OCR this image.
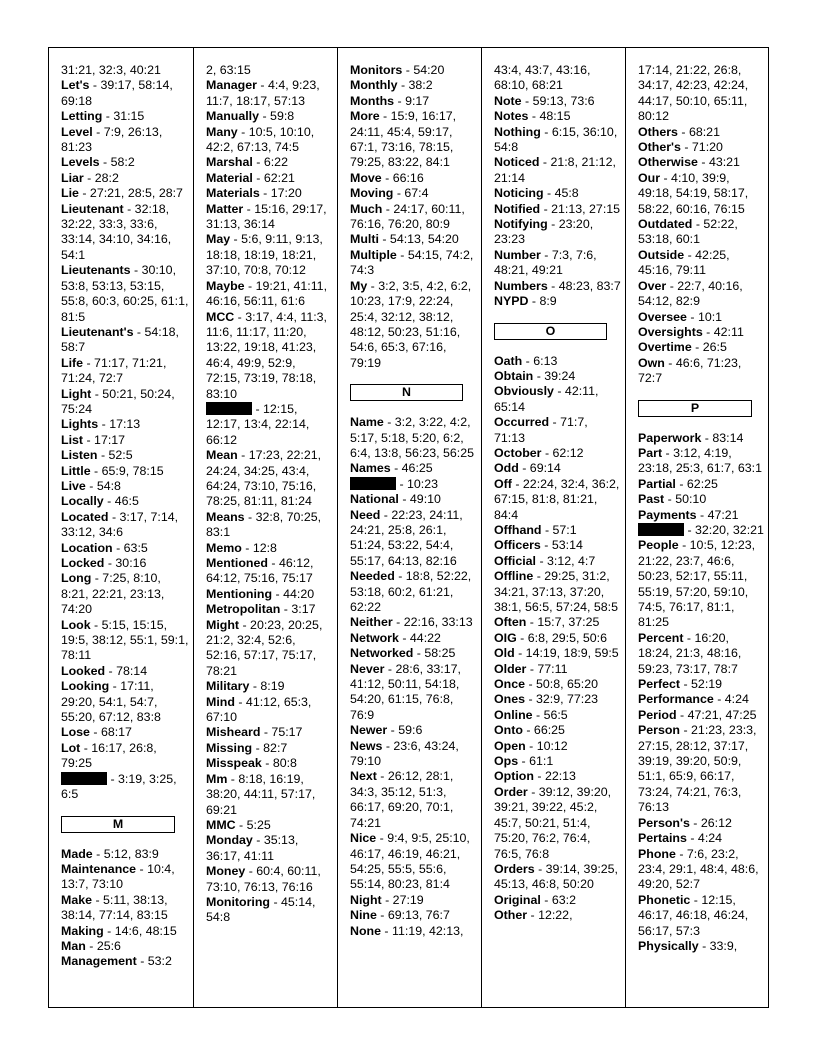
31:21, 32:3, 40:21
Let's - 39:17, 58:14, 69:18
Letting - 31:15
Level - 7:9, 26:13, 81:23
Levels - 58:2
Liar - 28:2
Lie - 27:21, 28:5, 28:7
Lieutenant - 32:18, 32:22, 33:3, 33:6, 33:14, 34:10, 34:16, 54:1
Lieutenants - 30:10, 53:8, 53:13, 53:15, 55:8, 60:3, 60:25, 61:1, 81:5
Lieutenant's - 54:18, 58:7
Life - 71:17, 71:21, 71:24, 72:7
Light - 50:21, 50:24, 75:24
Lights - 17:13
List - 17:17
Listen - 52:5
Little - 65:9, 78:15
Live - 54:8
Locally - 46:5
Located - 3:17, 7:14, 33:12, 34:6
Location - 63:5
Locked - 30:16
Long - 7:25, 8:10, 8:21, 22:21, 23:13, 74:20
Look - 5:15, 15:15, 19:5, 38:12, 55:1, 59:1, 78:11
Looked - 78:14
Looking - 17:11, 29:20, 54:1, 54:7, 55:20, 67:12, 83:8
Lose - 68:17
Lot - 16:17, 26:8, 79:25
- 3:19, 3:25, 6:5
M
Made - 5:12, 83:9
Maintenance - 10:4, 13:7, 73:10
Make - 5:11, 38:13, 38:14, 77:14, 83:15
Making - 14:6, 48:15
Man - 25:6
Management - 53:2
2, 63:15
Manager - 4:4, 9:23, 11:7, 18:17, 57:13
Manually - 59:8
Many - 10:5, 10:10, 42:2, 67:13, 74:5
Marshal - 6:22
Material - 62:21
Materials - 17:20
Matter - 15:16, 29:17, 31:13, 36:14
May - 5:6, 9:11, 9:13, 18:18, 18:19, 18:21, 37:10, 70:8, 70:12
Maybe - 19:21, 41:11, 46:16, 56:11, 61:6
MCC - 3:17, 4:4, 11:3, 11:6, 11:17, 11:20, 13:22, 19:18, 41:23, 46:4, 49:9, 52:9, 72:15, 73:19, 78:18, 83:10
- 12:15, 12:17, 13:4, 22:14, 66:12
Mean - 17:23, 22:21, 24:24, 34:25, 43:4, 64:24, 73:10, 75:16, 78:25, 81:11, 81:24
Means - 32:8, 70:25, 83:1
Memo - 12:8
Mentioned - 46:12, 64:12, 75:16, 75:17
Mentioning - 44:20
Metropolitan - 3:17
Might - 20:23, 20:25, 21:2, 32:4, 52:6, 52:16, 57:17, 75:17, 78:21
Military - 8:19
Mind - 41:12, 65:3, 67:10
Misheard - 75:17
Missing - 82:7
Misspeak - 80:8
Mm - 8:18, 16:19, 38:20, 44:11, 57:17, 69:21
MMC - 5:25
Monday - 35:13, 36:17, 41:11
Money - 60:4, 60:11, 73:10, 76:13, 76:16
Monitoring - 45:14, 54:8
Monitors - 54:20
Monthly - 38:2
Months - 9:17
More - 15:9, 16:17, 24:11, 45:4, 59:17, 67:1, 73:16, 78:15, 79:25, 83:22, 84:1
Move - 66:16
Moving - 67:4
Much - 24:17, 60:11, 76:16, 76:20, 80:9
Multi - 54:13, 54:20
Multiple - 54:15, 74:2, 74:3
My - 3:2, 3:5, 4:2, 6:2, 10:23, 17:9, 22:24, 25:4, 32:12, 38:12, 48:12, 50:23, 51:16, 54:6, 65:3, 67:16, 79:19
N
Name - 3:2, 3:22, 4:2, 5:17, 5:18, 5:20, 6:2, 6:4, 13:8, 56:23, 56:25
Names - 46:25
- 10:23
National - 49:10
Need - 22:23, 24:11, 24:21, 25:8, 26:1, 51:24, 53:22, 54:4, 55:17, 64:13, 82:16
Needed - 18:8, 52:22, 53:18, 60:2, 61:21, 62:22
Neither - 22:16, 33:13
Network - 44:22
Networked - 58:25
Never - 28:6, 33:17, 41:12, 50:11, 54:18, 54:20, 61:15, 76:8, 76:9
Newer - 59:6
News - 23:6, 43:24, 79:10
Next - 26:12, 28:1, 34:3, 35:12, 51:3, 66:17, 69:20, 70:1, 74:21
Nice - 9:4, 9:5, 25:10, 46:17, 46:19, 46:21, 54:25, 55:5, 55:6, 55:14, 80:23, 81:4
Night - 27:19
Nine - 69:13, 76:7
None - 11:19, 42:13,
43:4, 43:7, 43:16, 68:10, 68:21
Note - 59:13, 73:6
Notes - 48:15
Nothing - 6:15, 36:10, 54:8
Noticed - 21:8, 21:12, 21:14
Noticing - 45:8
Notified - 21:13, 27:15
Notifying - 23:20, 23:23
Number - 7:3, 7:6, 48:21, 49:21
Numbers - 48:23, 83:7
NYPD - 8:9
O
Oath - 6:13
Obtain - 39:24
Obviously - 42:11, 65:14
Occurred - 71:7, 71:13
October - 62:12
Odd - 69:14
Off - 22:24, 32:4, 36:2, 67:15, 81:8, 81:21, 84:4
Offhand - 57:1
Officers - 53:14
Official - 3:12, 4:7
Offline - 29:25, 31:2, 34:21, 37:13, 37:20, 38:1, 56:5, 57:24, 58:5
Often - 15:7, 37:25
OIG - 6:8, 29:5, 50:6
Old - 14:19, 18:9, 59:5
Older - 77:11
Once - 50:8, 65:20
Ones - 32:9, 77:23
Online - 56:5
Onto - 66:25
Open - 10:12
Ops - 61:1
Option - 22:13
Order - 39:12, 39:20, 39:21, 39:22, 45:2, 45:7, 50:21, 51:4, 75:20, 76:2, 76:4, 76:5, 76:8
Orders - 39:14, 39:25, 45:13, 46:8, 50:20
Original - 63:2
Other - 12:22,
17:14, 21:22, 26:8, 34:17, 42:23, 42:24, 44:17, 50:10, 65:11, 80:12
Others - 68:21
Other's - 71:20
Otherwise - 43:21
Our - 4:10, 39:9, 49:18, 54:19, 58:17, 58:22, 60:16, 76:15
Outdated - 52:22, 53:18, 60:1
Outside - 42:25, 45:16, 79:11
Over - 22:7, 40:16, 54:12, 82:9
Oversee - 10:1
Oversights - 42:11
Overtime - 26:5
Own - 46:6, 71:23, 72:7
P
Paperwork - 83:14
Part - 3:12, 4:19, 23:18, 25:3, 61:7, 63:1
Partial - 62:25
Past - 50:10
Payments - 47:21
- 32:20, 32:21
People - 10:5, 12:23, 21:22, 23:7, 46:6, 50:23, 52:17, 55:11, 55:19, 57:20, 59:10, 74:5, 76:17, 81:1, 81:25
Percent - 16:20, 18:24, 21:3, 48:16, 59:23, 73:17, 78:7
Perfect - 52:19
Performance - 4:24
Period - 47:21, 47:25
Person - 21:23, 23:3, 27:15, 28:12, 37:17, 39:19, 39:20, 50:9, 51:1, 65:9, 66:17, 73:24, 74:21, 76:3, 76:13
Person's - 26:12
Pertains - 4:24
Phone - 7:6, 23:2, 23:4, 29:1, 48:4, 48:6, 49:20, 52:7
Phonetic - 12:15, 46:17, 46:18, 46:24, 56:17, 57:3
Physically - 33:9,
